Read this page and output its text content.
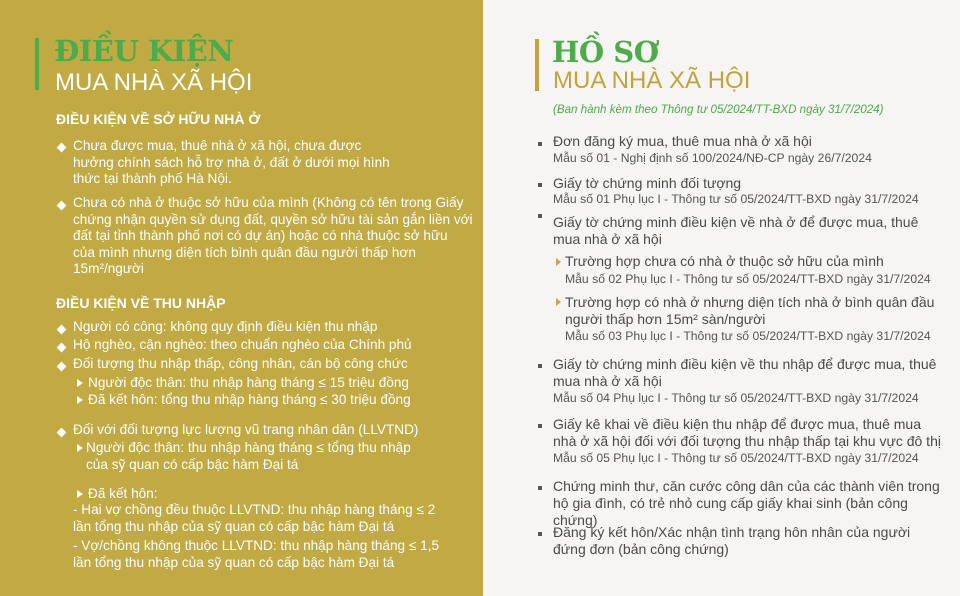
ĐIỀU KIỆN
MUA NHÀ XÃ HỘI
ĐIỀU KIỆN VỀ SỞ HỮU NHÀ Ở
Chưa được mua, thuê nhà ở xã hội, chưa được hưởng chính sách hỗ trợ nhà ở, đất ở dưới mọi hình thức tại thành phố Hà Nội.
Chưa có nhà ở thuộc sở hữu của mình (Không có tên trong Giấy chứng nhận quyền sử dụng đất, quyền sở hữu tài sản gắn liền với đất tại tỉnh thành phố nơi có dự án) hoặc có nhà thuộc sở hữu của mình nhưng diện tích bình quân đầu người thấp hơn 15m²/người
ĐIỀU KIỆN VỀ THU NHẬP
Người có công: không quy định điều kiện thu nhập
Hộ nghèo, cận nghèo: theo chuẩn nghèo của Chính phủ
Đối tượng thu nhập thấp, công nhân, cán bộ công chức
Người độc thân: thu nhập hàng tháng ≤ 15 triệu đồng
Đã kết hôn: tổng thu nhập hàng tháng ≤ 30 triệu đồng
Đối với đối tượng lực lượng vũ trang nhân dân (LLVTND)
Người độc thân: thu nhập hàng tháng ≤ tổng thu nhập của sỹ quan có cấp bậc hàm Đại tá
Đã kết hôn:
- Hai vợ chồng đều thuộc LLVTND: thu nhập hàng tháng ≤ 2 lần tổng thu nhập của sỹ quan có cấp bậc hàm Đại tá
- Vợ/chồng không thuộc LLVTND: thu nhập hàng tháng ≤ 1,5 lần tổng thu nhập của sỹ quan có cấp bậc hàm Đại tá
HỒ SƠ
MUA NHÀ XÃ HỘI
(Ban hành kèm theo Thông tư 05/2024/TT-BXD ngày 31/7/2024)
Đơn đăng ký mua, thuê mua nhà ở xã hội
Mẫu số 01 - Nghị định số 100/2024/NĐ-CP ngày 26/7/2024
Giấy tờ chứng minh đối tượng
Mẫu số 01 Phụ lục I - Thông tư số 05/2024/TT-BXD ngày 31/7/2024
Giấy tờ chứng minh điều kiện về nhà ở để được mua, thuê mua nhà ở xã hội
Trường hợp chưa có nhà ở thuộc sở hữu của mình
Mẫu số 02 Phụ lục I - Thông tư số 05/2024/TT-BXD ngày 31/7/2024
Trường hợp có nhà ở nhưng diện tích nhà ở bình quân đầu người thấp hơn 15m² sàn/người
Mẫu số 03 Phụ lục I - Thông tư số 05/2024/TT-BXD ngày 31/7/2024
Giấy tờ chứng minh điều kiện về thu nhập để được mua, thuê mua nhà ở xã hội
Mẫu số 04 Phụ lục I - Thông tư số 05/2024/TT-BXD ngày 31/7/2024
Giấy kê khai về điều kiện thu nhập để được mua, thuê mua nhà ở xã hội đối với đối tượng thu nhập thấp tại khu vực đô thị
Mẫu số 05 Phụ lục I - Thông tư số 05/2024/TT-BXD ngày 31/7/2024
Chứng minh thư, căn cước công dân của các thành viên trong hộ gia đình, có trẻ nhỏ cung cấp giấy khai sinh (bản công chứng)
Đăng ký kết hôn/Xác nhận tình trạng hôn nhân của người đứng đơn (bản công chứng)
